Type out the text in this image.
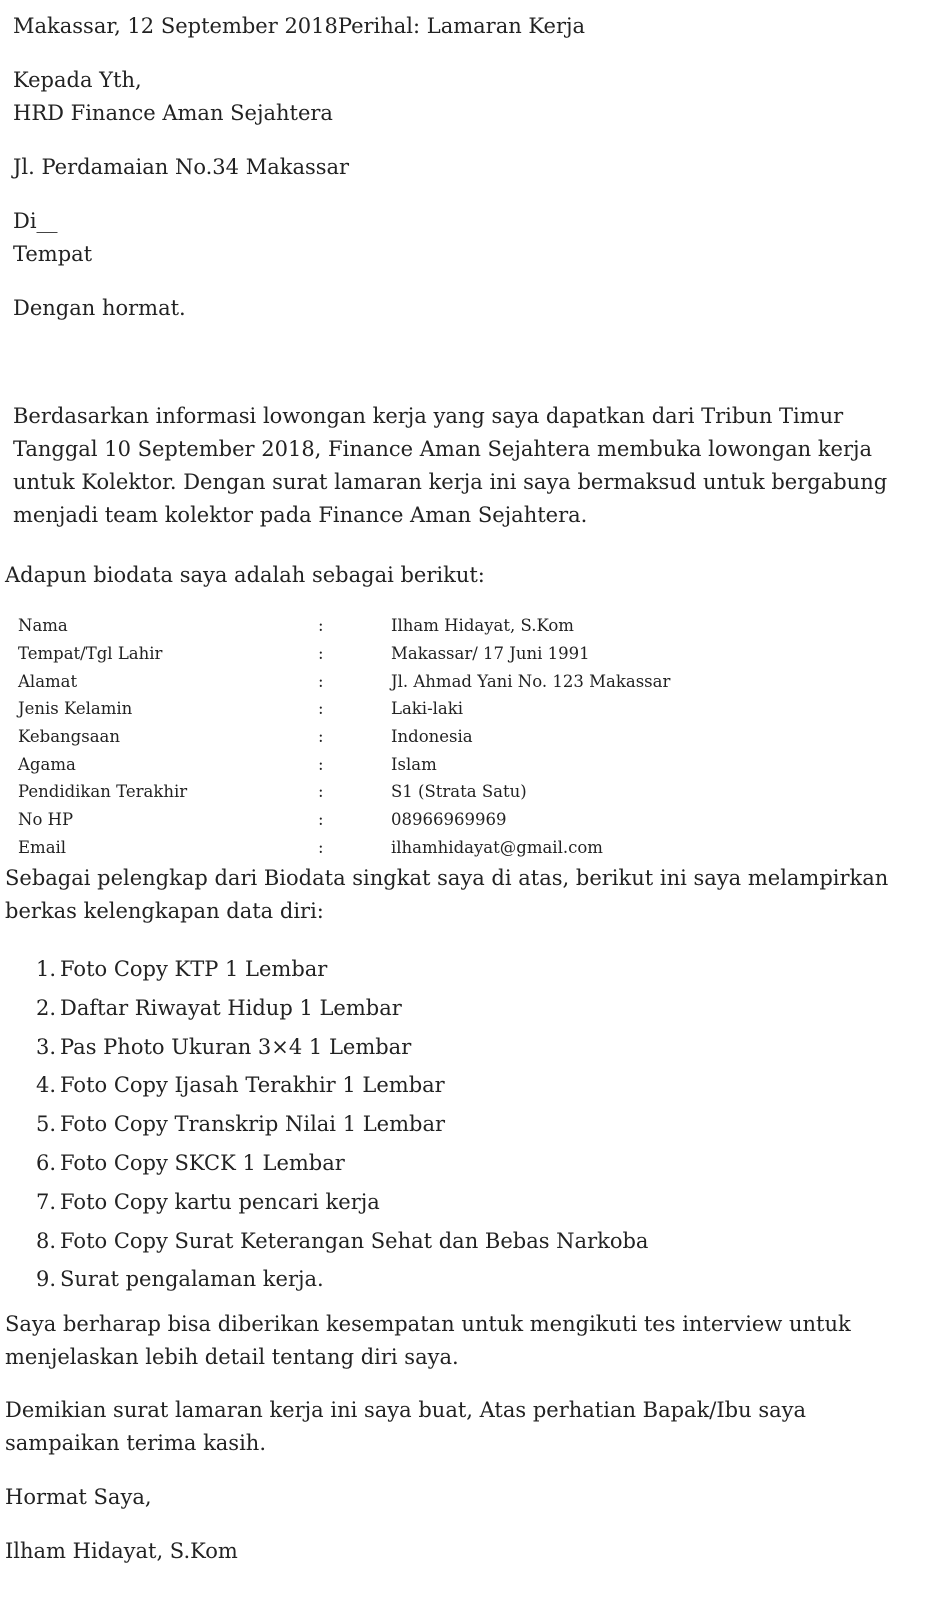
Makassar, 12 September 2018Perihal: Lamaran Kerja
Kepada Yth,
HRD Finance Aman Sejahtera
Jl. Perdamaian No.34 Makassar
Di__
Tempat
Dengan hormat.
Berdasarkan informasi lowongan kerja yang saya dapatkan dari Tribun Timur Tanggal 10 September 2018, Finance Aman Sejahtera membuka lowongan kerja untuk Kolektor. Dengan surat lamaran kerja ini saya bermaksud untuk bergabung menjadi team kolektor pada Finance Aman Sejahtera.
Adapun biodata saya adalah sebagai berikut:
Nama	:	Ilham Hidayat, S.Kom
Tempat/Tgl Lahir	:	Makassar/ 17 Juni 1991
Alamat	:	Jl. Ahmad Yani No. 123 Makassar
Jenis Kelamin	:	Laki-laki
Kebangsaan	:	Indonesia
Agama	:	Islam
Pendidikan Terakhir	:	S1 (Strata Satu)
No HP	:	08966969969
Email	:	ilhamhidayat@gmail.com
Sebagai pelengkap dari Biodata singkat saya di atas, berikut ini saya melampirkan berkas kelengkapan data diri:
1. Foto Copy KTP 1 Lembar
2. Daftar Riwayat Hidup 1 Lembar
3. Pas Photo Ukuran 3×4 1 Lembar
4. Foto Copy Ijasah Terakhir 1 Lembar
5. Foto Copy Transkrip Nilai 1 Lembar
6. Foto Copy SKCK 1 Lembar
7. Foto Copy kartu pencari kerja
8. Foto Copy Surat Keterangan Sehat dan Bebas Narkoba
9. Surat pengalaman kerja.
Saya berharap bisa diberikan kesempatan untuk mengikuti tes interview untuk menjelaskan lebih detail tentang diri saya.
Demikian surat lamaran kerja ini saya buat, Atas perhatian Bapak/Ibu saya sampaikan terima kasih.
Hormat Saya,
Ilham Hidayat, S.Kom
